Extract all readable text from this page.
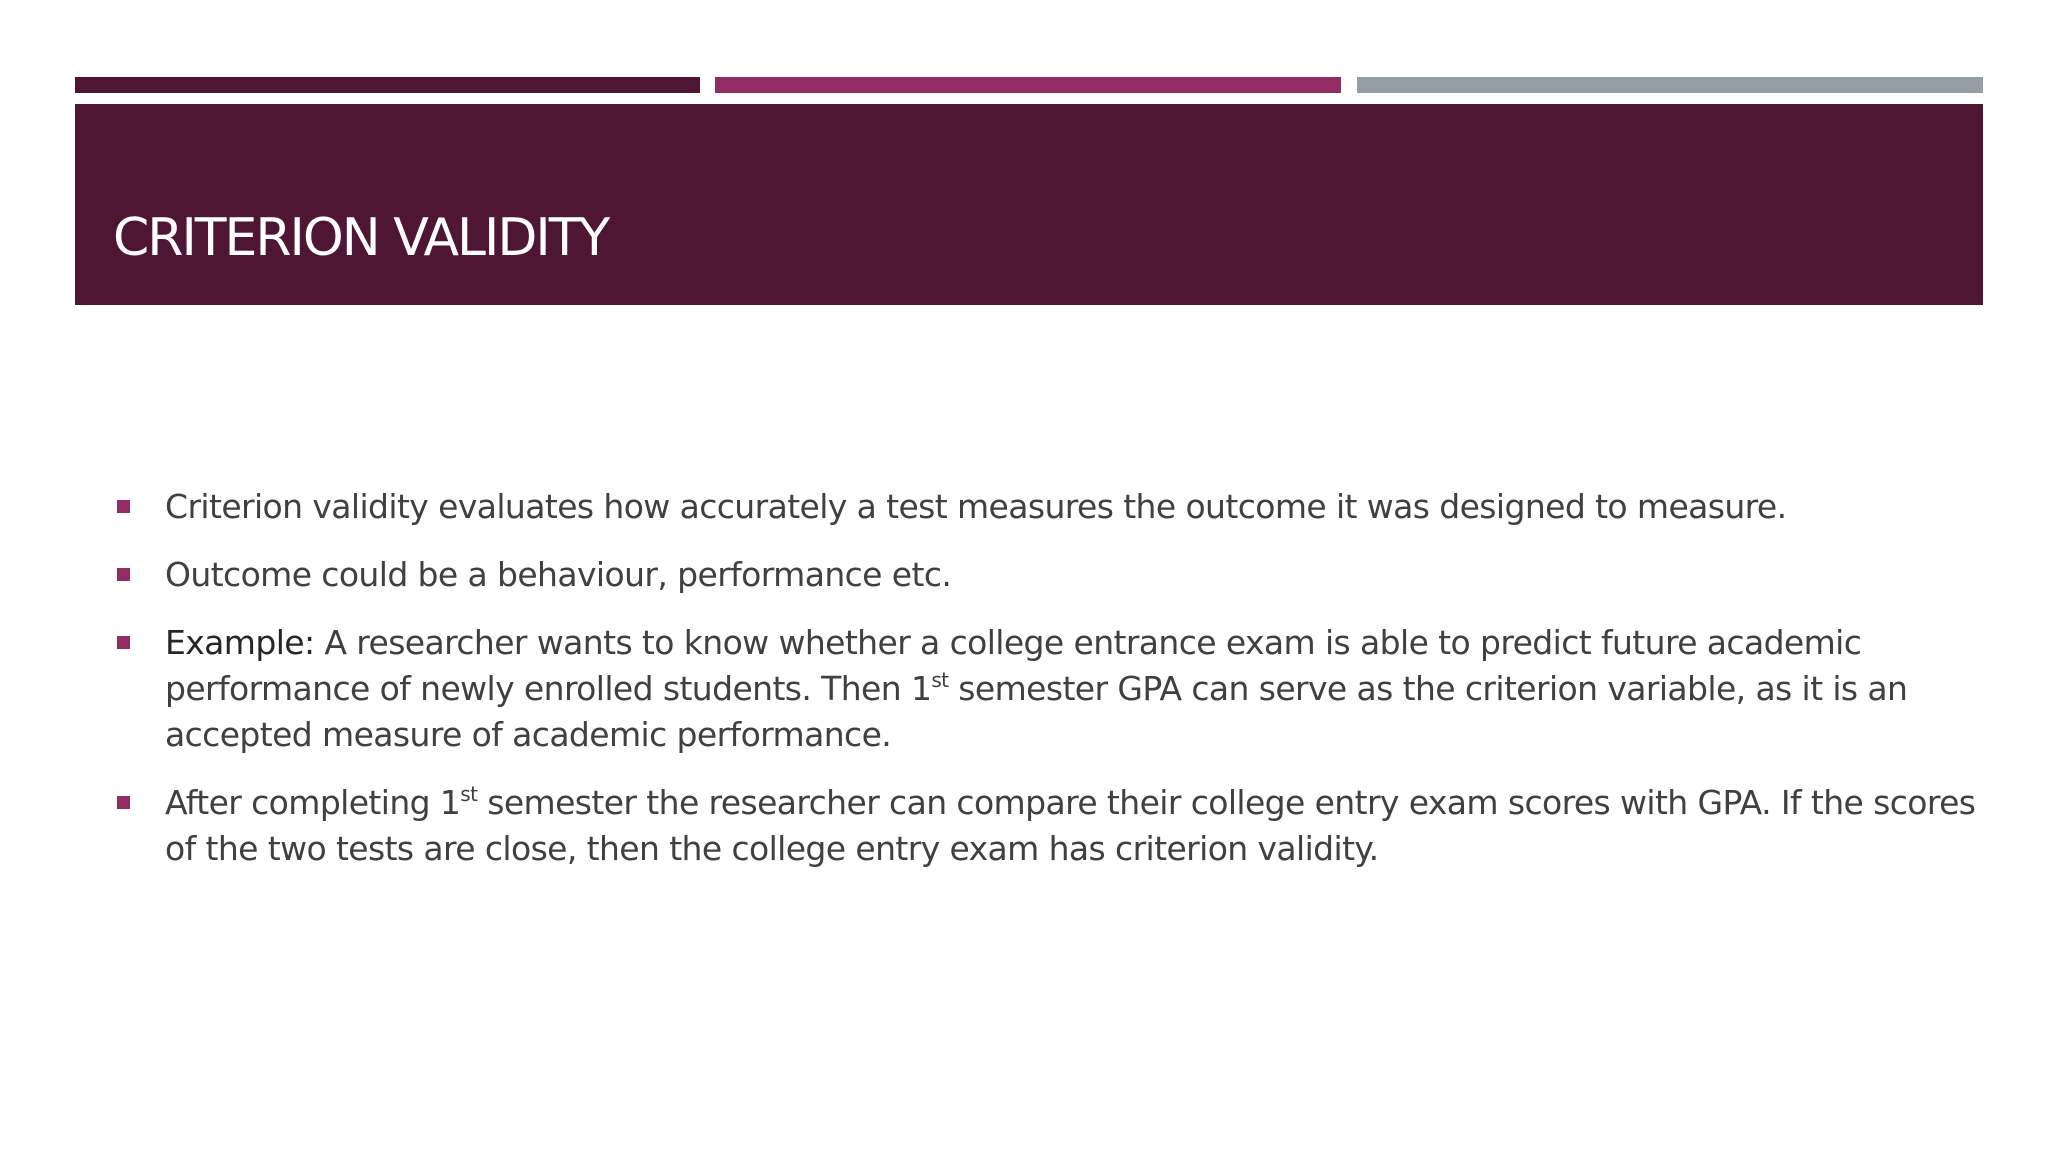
CRITERION VALIDITY
Criterion validity evaluates how accurately a test measures the outcome it was designed to measure.
Outcome could be a behaviour, performance etc.
Example: A researcher wants to know whether a college entrance exam is able to predict future academic performance of newly enrolled students. Then 1st semester GPA can serve as the criterion variable, as it is an accepted measure of academic performance.
After completing 1st semester the researcher can compare their college entry exam scores with GPA. If the scores of the two tests are close, then the college entry exam has criterion validity.
